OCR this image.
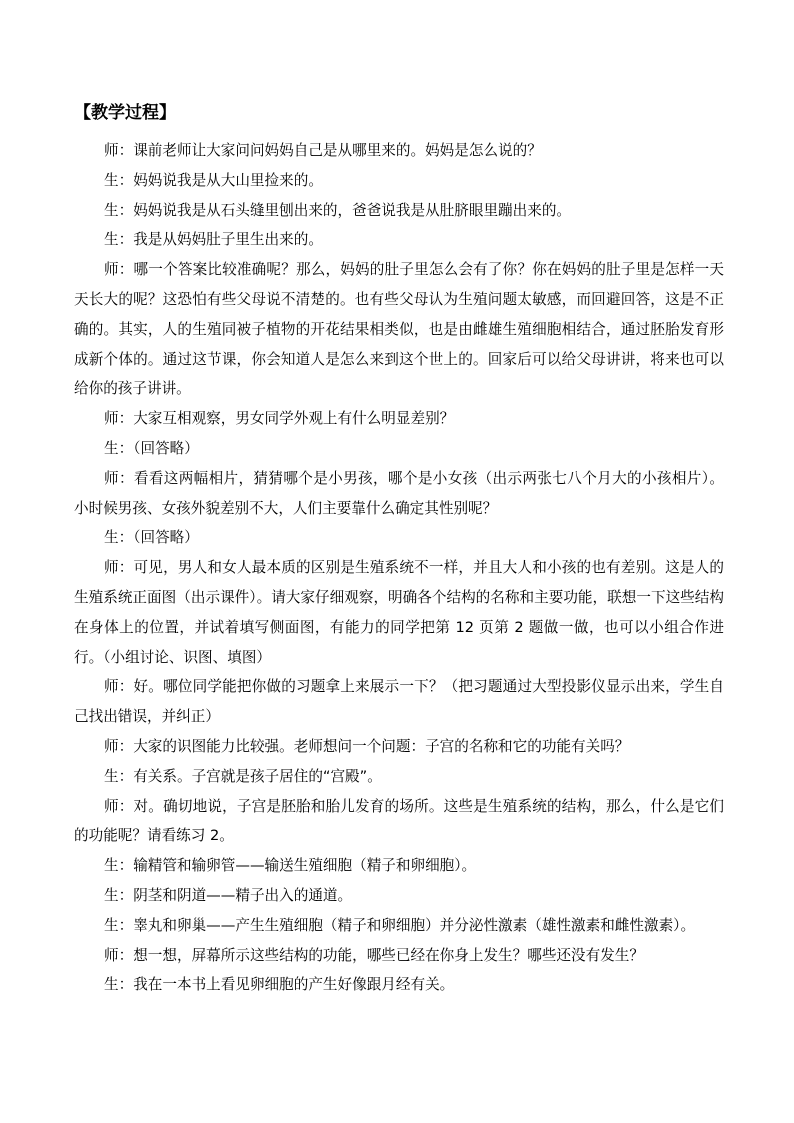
【教学过程】

师：课前老师让大家问问妈妈自己是从哪里来的。妈妈是怎么说的？

生：妈妈说我是从大山里捡来的。

生：妈妈说我是从石头缝里刨出来的，爸爸说我是从肚脐眼里蹦出来的。

生：我是从妈妈肚子里生出来的。

师：哪一个答案比较准确呢？那么，妈妈的肚子里怎么会有了你？你在妈妈的肚子里是怎样一天天长大的呢？这恐怕有些父母说不清楚的。也有些父母认为生殖问题太敏感，而回避回答，这是不正确的。其实，人的生殖同被子植物的开花结果相类似，也是由雌雄生殖细胞相结合，通过胚胎发育形成新个体的。通过这节课，你会知道人是怎么来到这个世上的。回家后可以给父母讲讲，将来也可以给你的孩子讲讲。

师：大家互相观察，男女同学外观上有什么明显差别？

生：（回答略）

师：看看这两幅相片，猜猜哪个是小男孩，哪个是小女孩（出示两张七八个月大的小孩相片）。小时候男孩、女孩外貌差别不大，人们主要靠什么确定其性别呢？

生：（回答略）

师：可见，男人和女人最本质的区别是生殖系统不一样，并且大人和小孩的也有差别。这是人的生殖系统正面图（出示课件）。请大家仔细观察，明确各个结构的名称和主要功能，联想一下这些结构在身体上的位置，并试着填写侧面图，有能力的同学把第 12 页第 2 题做一做，也可以小组合作进行。（小组讨论、识图、填图）

师：好。哪位同学能把你做的习题拿上来展示一下？（把习题通过大型投影仪显示出来，学生自己找出错误，并纠正）

师：大家的识图能力比较强。老师想问一个问题：子宫的名称和它的功能有关吗？

生：有关系。子宫就是孩子居住的“宫殿”。

师：对。确切地说，子宫是胚胎和胎儿发育的场所。这些是生殖系统的结构，那么，什么是它们的功能呢？请看练习 2。

生：输精管和输卵管——输送生殖细胞（精子和卵细胞）。

生：阴茎和阴道——精子出入的通道。

生：睾丸和卵巢——产生生殖细胞（精子和卵细胞）并分泌性激素（雄性激素和雌性激素）。

师：想一想，屏幕所示这些结构的功能，哪些已经在你身上发生？哪些还没有发生？

生：我在一本书上看见卵细胞的产生好像跟月经有关。
